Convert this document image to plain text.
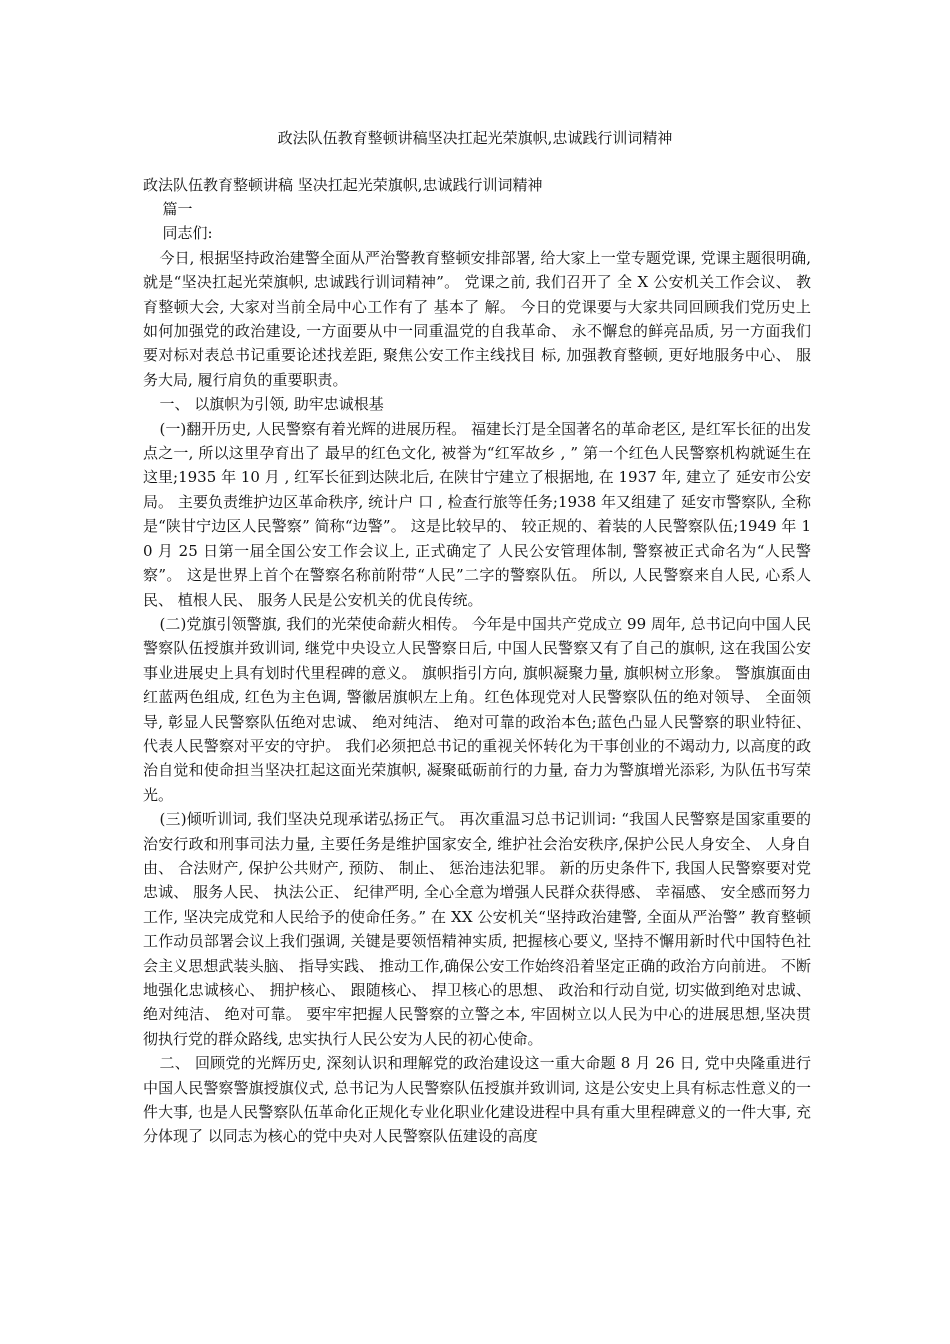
政法队伍教育整顿讲稿坚决扛起光荣旗帜,忠诚践行训词精神

政法队伍教育整顿讲稿 坚决扛起光荣旗帜,忠诚践行训词精神

篇一

同志们:

今日, 根据坚持政治建警全面从严治警教育整顿安排部署, 给大家上一堂专题党课, 党课主题很明确, 就是“坚决扛起光荣旗帜, 忠诚践行训词精神”。 党课之前, 我们召开了 全 X 公安机关工作会议、 教育整顿大会, 大家对当前全局中心工作有了 基本了 解。 今日的党课要与大家共同回顾我们党历史上如何加强党的政治建设, 一方面要从中一同重温党的自我革命、 永不懈怠的鲜亮品质, 另一方面我们要对标对表总书记重要论述找差距, 聚焦公安工作主线找目 标, 加强教育整顿, 更好地服务中心、 服务大局, 履行肩负的重要职责。

一、 以旗帜为引领, 助牢忠诚根基

(一)翻开历史, 人民警察有着光辉的进展历程。 福建长汀是全国著名的革命老区, 是红军长征的出发点之一, 所以这里孕育出了 最早的红色文化, 被誉为“红军故乡 , ” 第一个红色人民警察机构就诞生在这里;1935 年 10 月 , 红军长征到达陕北后, 在陕甘宁建立了根据地, 在 1937 年, 建立了 延安市公安局。 主要负责维护边区革命秩序, 统计户 口 , 检查行旅等任务;1938 年又组建了 延安市警察队, 全称是“陕甘宁边区人民警察” 简称“边警”。 这是比较早的、 较正规的、着装的人民警察队伍;1949 年 10 月 25 日第一届全国公安工作会议上, 正式确定了 人民公安管理体制, 警察被正式命名为“人民警察”。 这是世界上首个在警察名称前附带“人民”二字的警察队伍。 所以, 人民警察来自人民, 心系人民、 植根人民、 服务人民是公安机关的优良传统。

(二)党旗引领警旗, 我们的光荣使命薪火相传。 今年是中国共产党成立 99 周年, 总书记向中国人民警察队伍授旗并致训词, 继党中央设立人民警察日后, 中国人民警察又有了自己的旗帜, 这在我国公安事业进展史上具有划时代里程碑的意义。 旗帜指引方向, 旗帜凝聚力量, 旗帜树立形象。 警旗旗面由红蓝两色组成, 红色为主色调, 警徽居旗帜左上角。红色体现党对人民警察队伍的绝对领导、 全面领导, 彰显人民警察队伍绝对忠诚、 绝对纯洁、 绝对可靠的政治本色;蓝色凸显人民警察的职业特征、 代表人民警察对平安的守护。 我们必须把总书记的重视关怀转化为干事创业的不竭动力, 以高度的政治自觉和使命担当坚决扛起这面光荣旗帜, 凝聚砥砺前行的力量, 奋力为警旗增光添彩, 为队伍书写荣光。

(三)倾听训词, 我们坚决兑现承诺弘扬正气。 再次重温习总书记训词: “我国人民警察是国家重要的治安行政和刑事司法力量, 主要任务是维护国家安全, 维护社会治安秩序,保护公民人身安全、 人身自 由、 合法财产, 保护公共财产, 预防、 制止、 惩治违法犯罪。 新的历史条件下, 我国人民警察要对党忠诚、 服务人民、 执法公正、 纪律严明, 全心全意为增强人民群众获得感、 幸福感、 安全感而努力工作, 坚决完成党和人民给予的使命任务。” 在 XX 公安机关“坚持政治建警, 全面从严治警” 教育整顿工作动员部署会议上我们强调, 关键是要领悟精神实质, 把握核心要义, 坚持不懈用新时代中国特色社会主义思想武装头脑、 指导实践、 推动工作,确保公安工作始终沿着坚定正确的政治方向前进。 不断地强化忠诚核心、 拥护核心、 跟随核心、 捍卫核心的思想、 政治和行动自觉, 切实做到绝对忠诚、 绝对纯洁、 绝对可靠。 要牢牢把握人民警察的立警之本, 牢固树立以人民为中心的进展思想,坚决贯彻执行党的群众路线, 忠实执行人民公安为人民的初心使命。

二、 回顾党的光辉历史, 深刻认识和理解党的政治建设这一重大命题 8 月 26 日, 党中央隆重进行中国人民警察警旗授旗仪式, 总书记为人民警察队伍授旗并致训词, 这是公安史上具有标志性意义的一件大事, 也是人民警察队伍革命化正规化专业化职业化建设进程中具有重大里程碑意义的一件大事, 充分体现了 以同志为核心的党中央对人民警察队伍建设的高度
